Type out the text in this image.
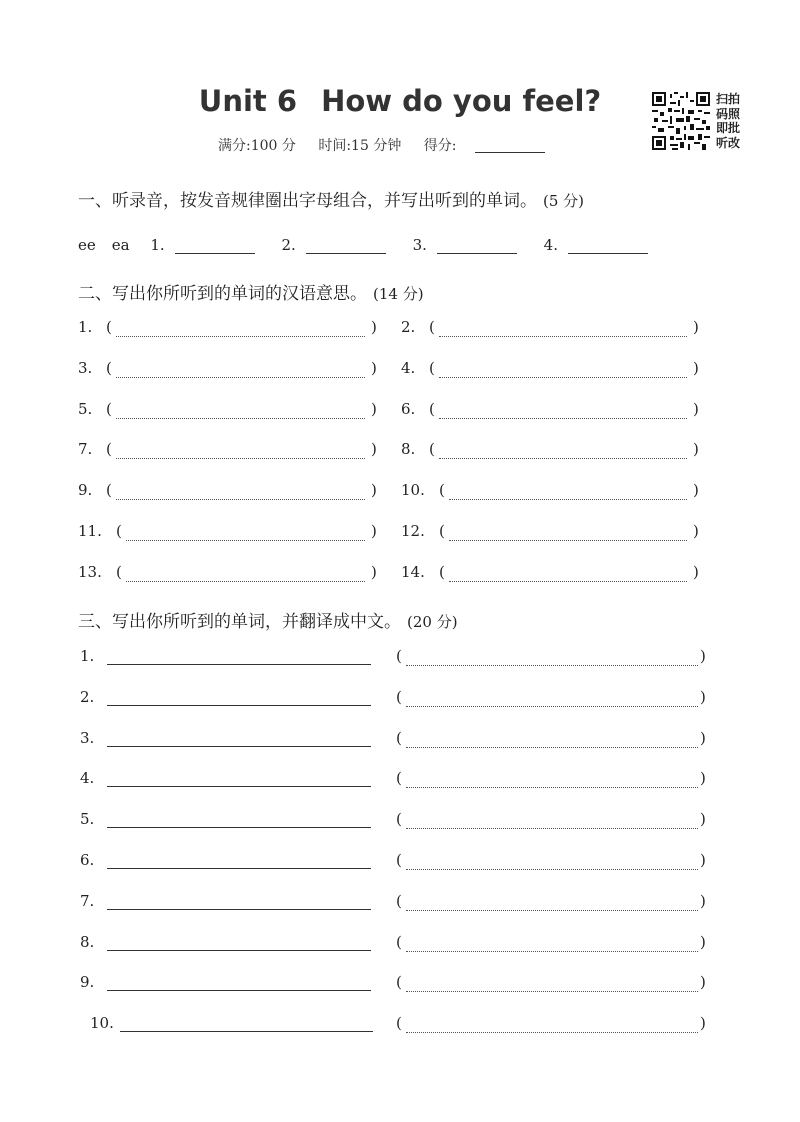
Unit 6 How do you feel?
满分:100 分 时间:15 分钟 得分:
扫拍码照即批听改
一、听录音，按发音规律圈出字母组合，并写出听到的单词。 (5 分)
ee ea 1.	2.	3.	4.
二、写出你所听到的单词的汉语意思。 (14 分)
1. (	) 2. (	)
3. (	) 4. (	)
5. (	) 6. (	)
7. (	) 8. (	)
9. (	) 10. (	)
11. (	) 12. (	)
13. (	) 14. (	)
三、写出你所听到的单词，并翻译成中文。 (20 分)
1.	(	)
2.	(	)
3.	(	)
4.	(	)
5.	(	)
6.	(	)
7.	(	)
8.	(	)
9.	(	)
10.	(	)
